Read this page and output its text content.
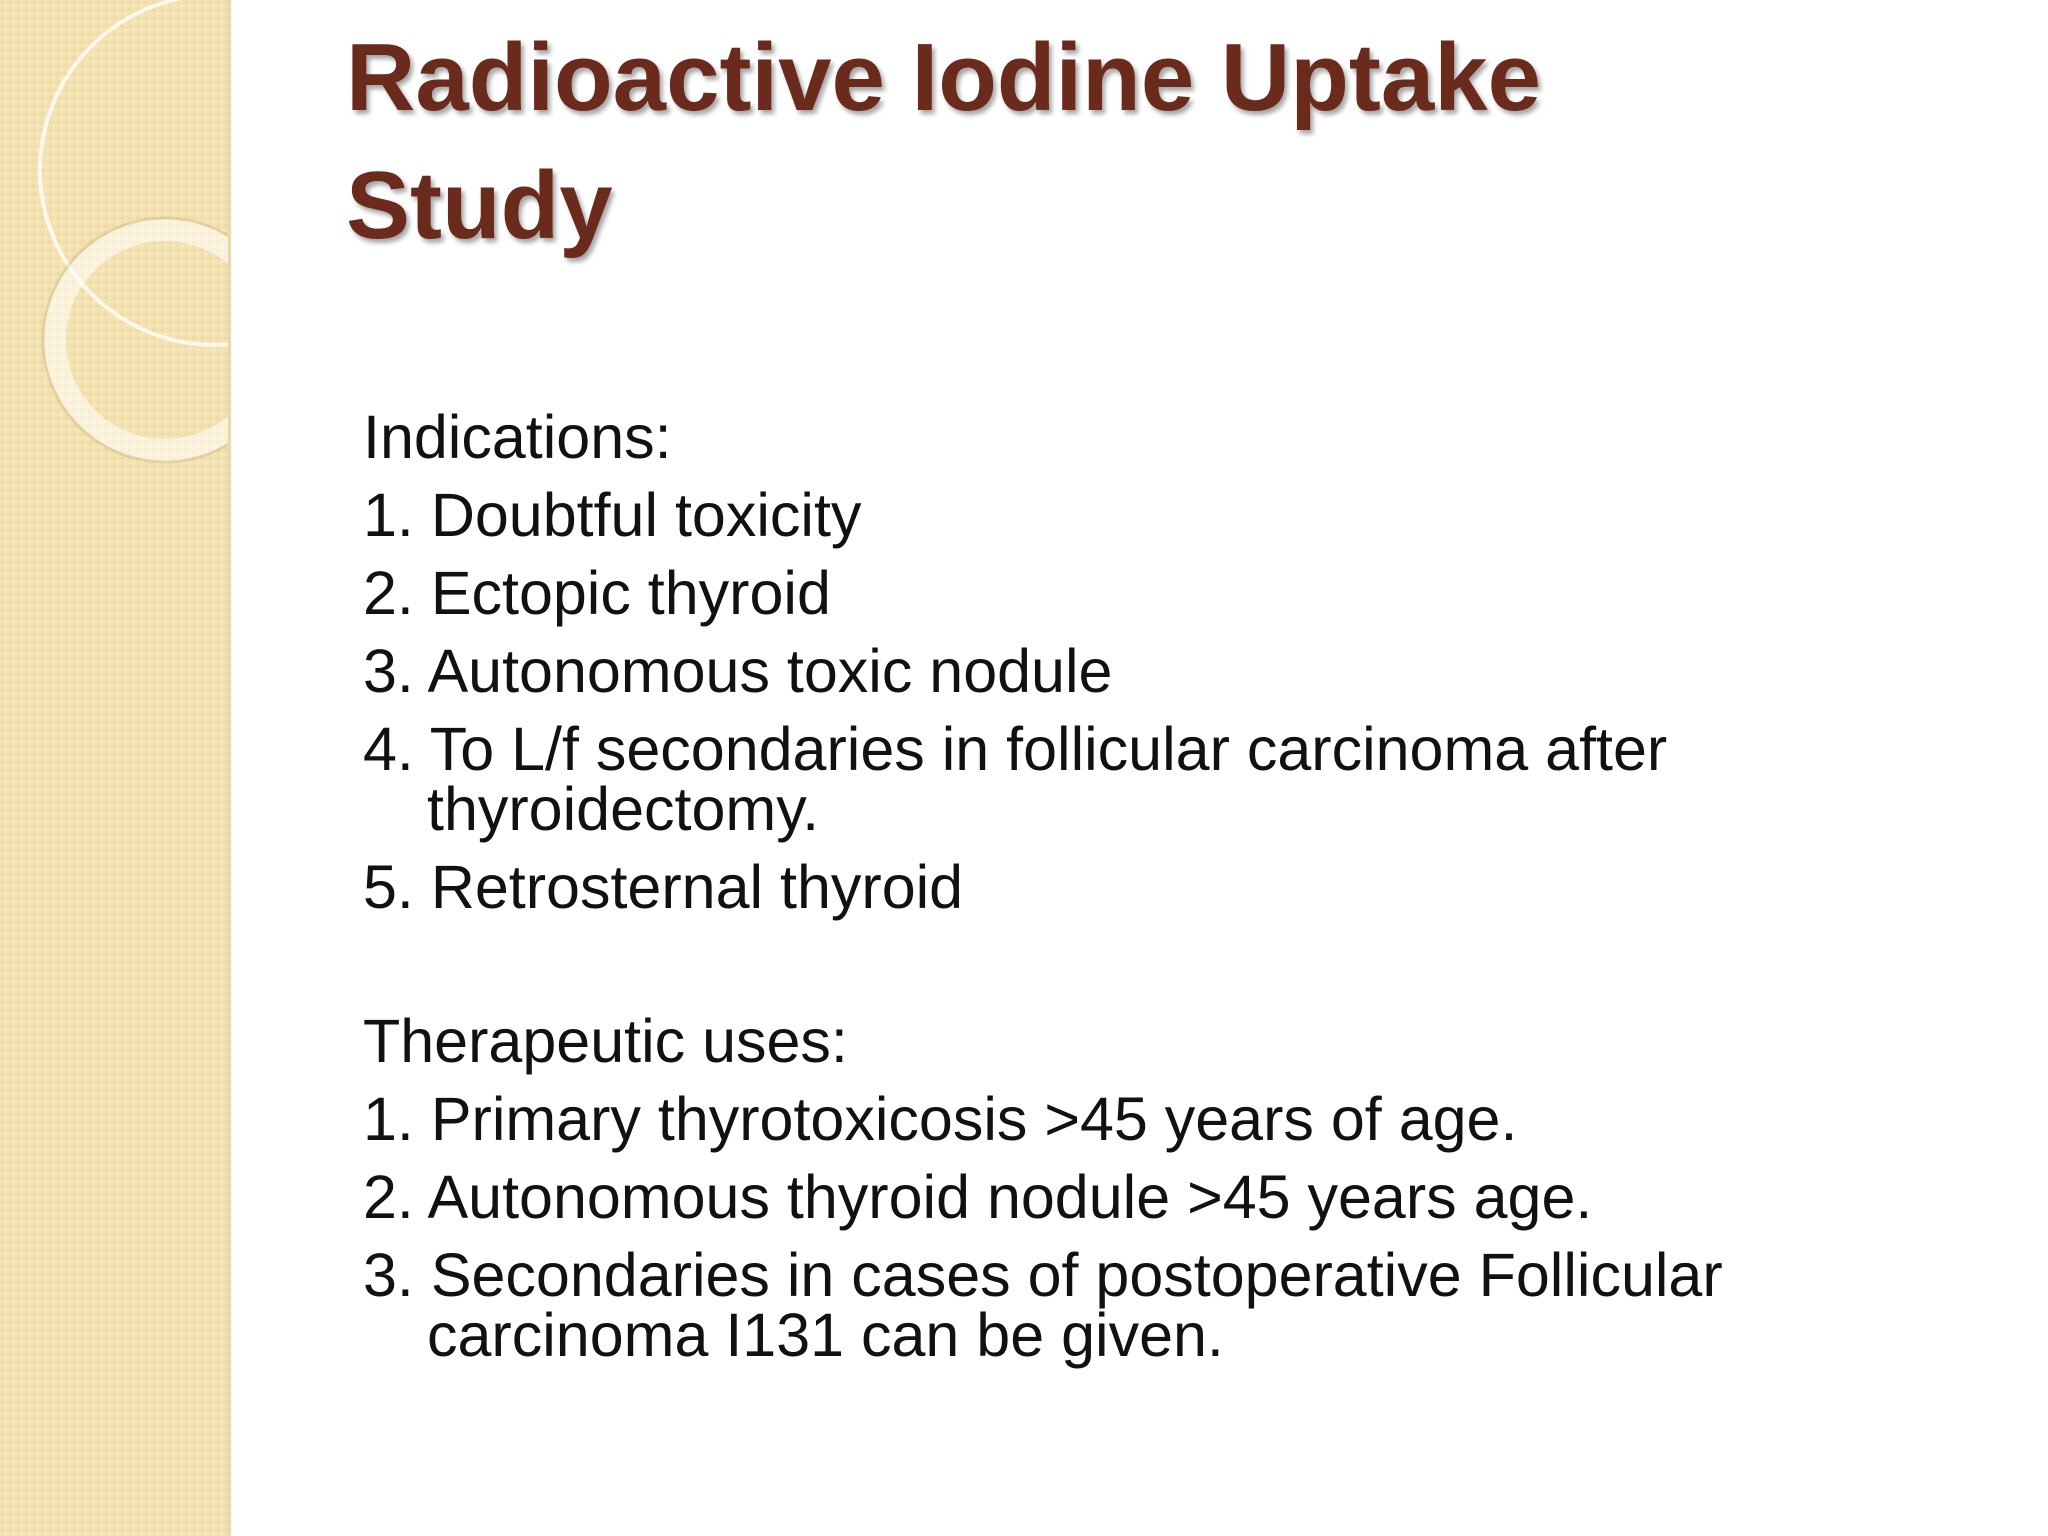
Radioactive Iodine Uptake
Study
Indications:
1. Doubtful toxicity
2. Ectopic thyroid
3. Autonomous toxic nodule
4. To L/f secondaries in follicular carcinoma after
thyroidectomy.
5. Retrosternal thyroid
Therapeutic uses:
1. Primary thyrotoxicosis >45 years of age.
2. Autonomous thyroid nodule >45 years age.
3. Secondaries in cases of postoperative Follicular
carcinoma I131 can be given.
